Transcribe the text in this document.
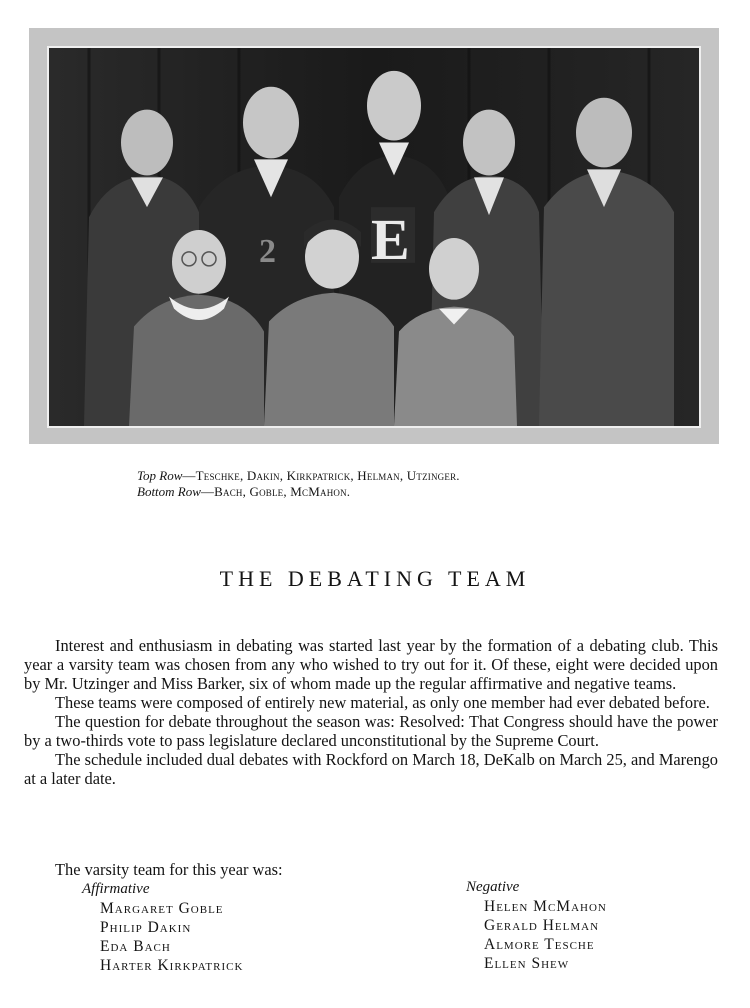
2 E
Top Row—Teschke, Dakin, Kirkpatrick, Helman, Utzinger.
Bottom Row—Bach, Goble, McMahon.
THE DEBATING TEAM

Interest and enthusiasm in debating was started last year by the formation of a debating club. This year a varsity team was chosen from any who wished to try out for it. Of these, eight were decided upon by Mr. Utzinger and Miss Barker, six of whom made up the regular affirmative and negative teams.

These teams were composed of entirely new material, as only one member had ever debated before.

The question for debate throughout the season was: Resolved: That Congress should have the power by a two-thirds vote to pass legislature declared unconstitutional by the Supreme Court.

The schedule included dual debates with Rockford on March 18, DeKalb on March 25, and Marengo at a later date.

The varsity team for this year was:
Affirmative
Margaret Goble
Philip Dakin
Eda Bach
Harter Kirkpatrick
Negative
Helen McMahon
Gerald Helman
Almore Tesche
Ellen Shew
